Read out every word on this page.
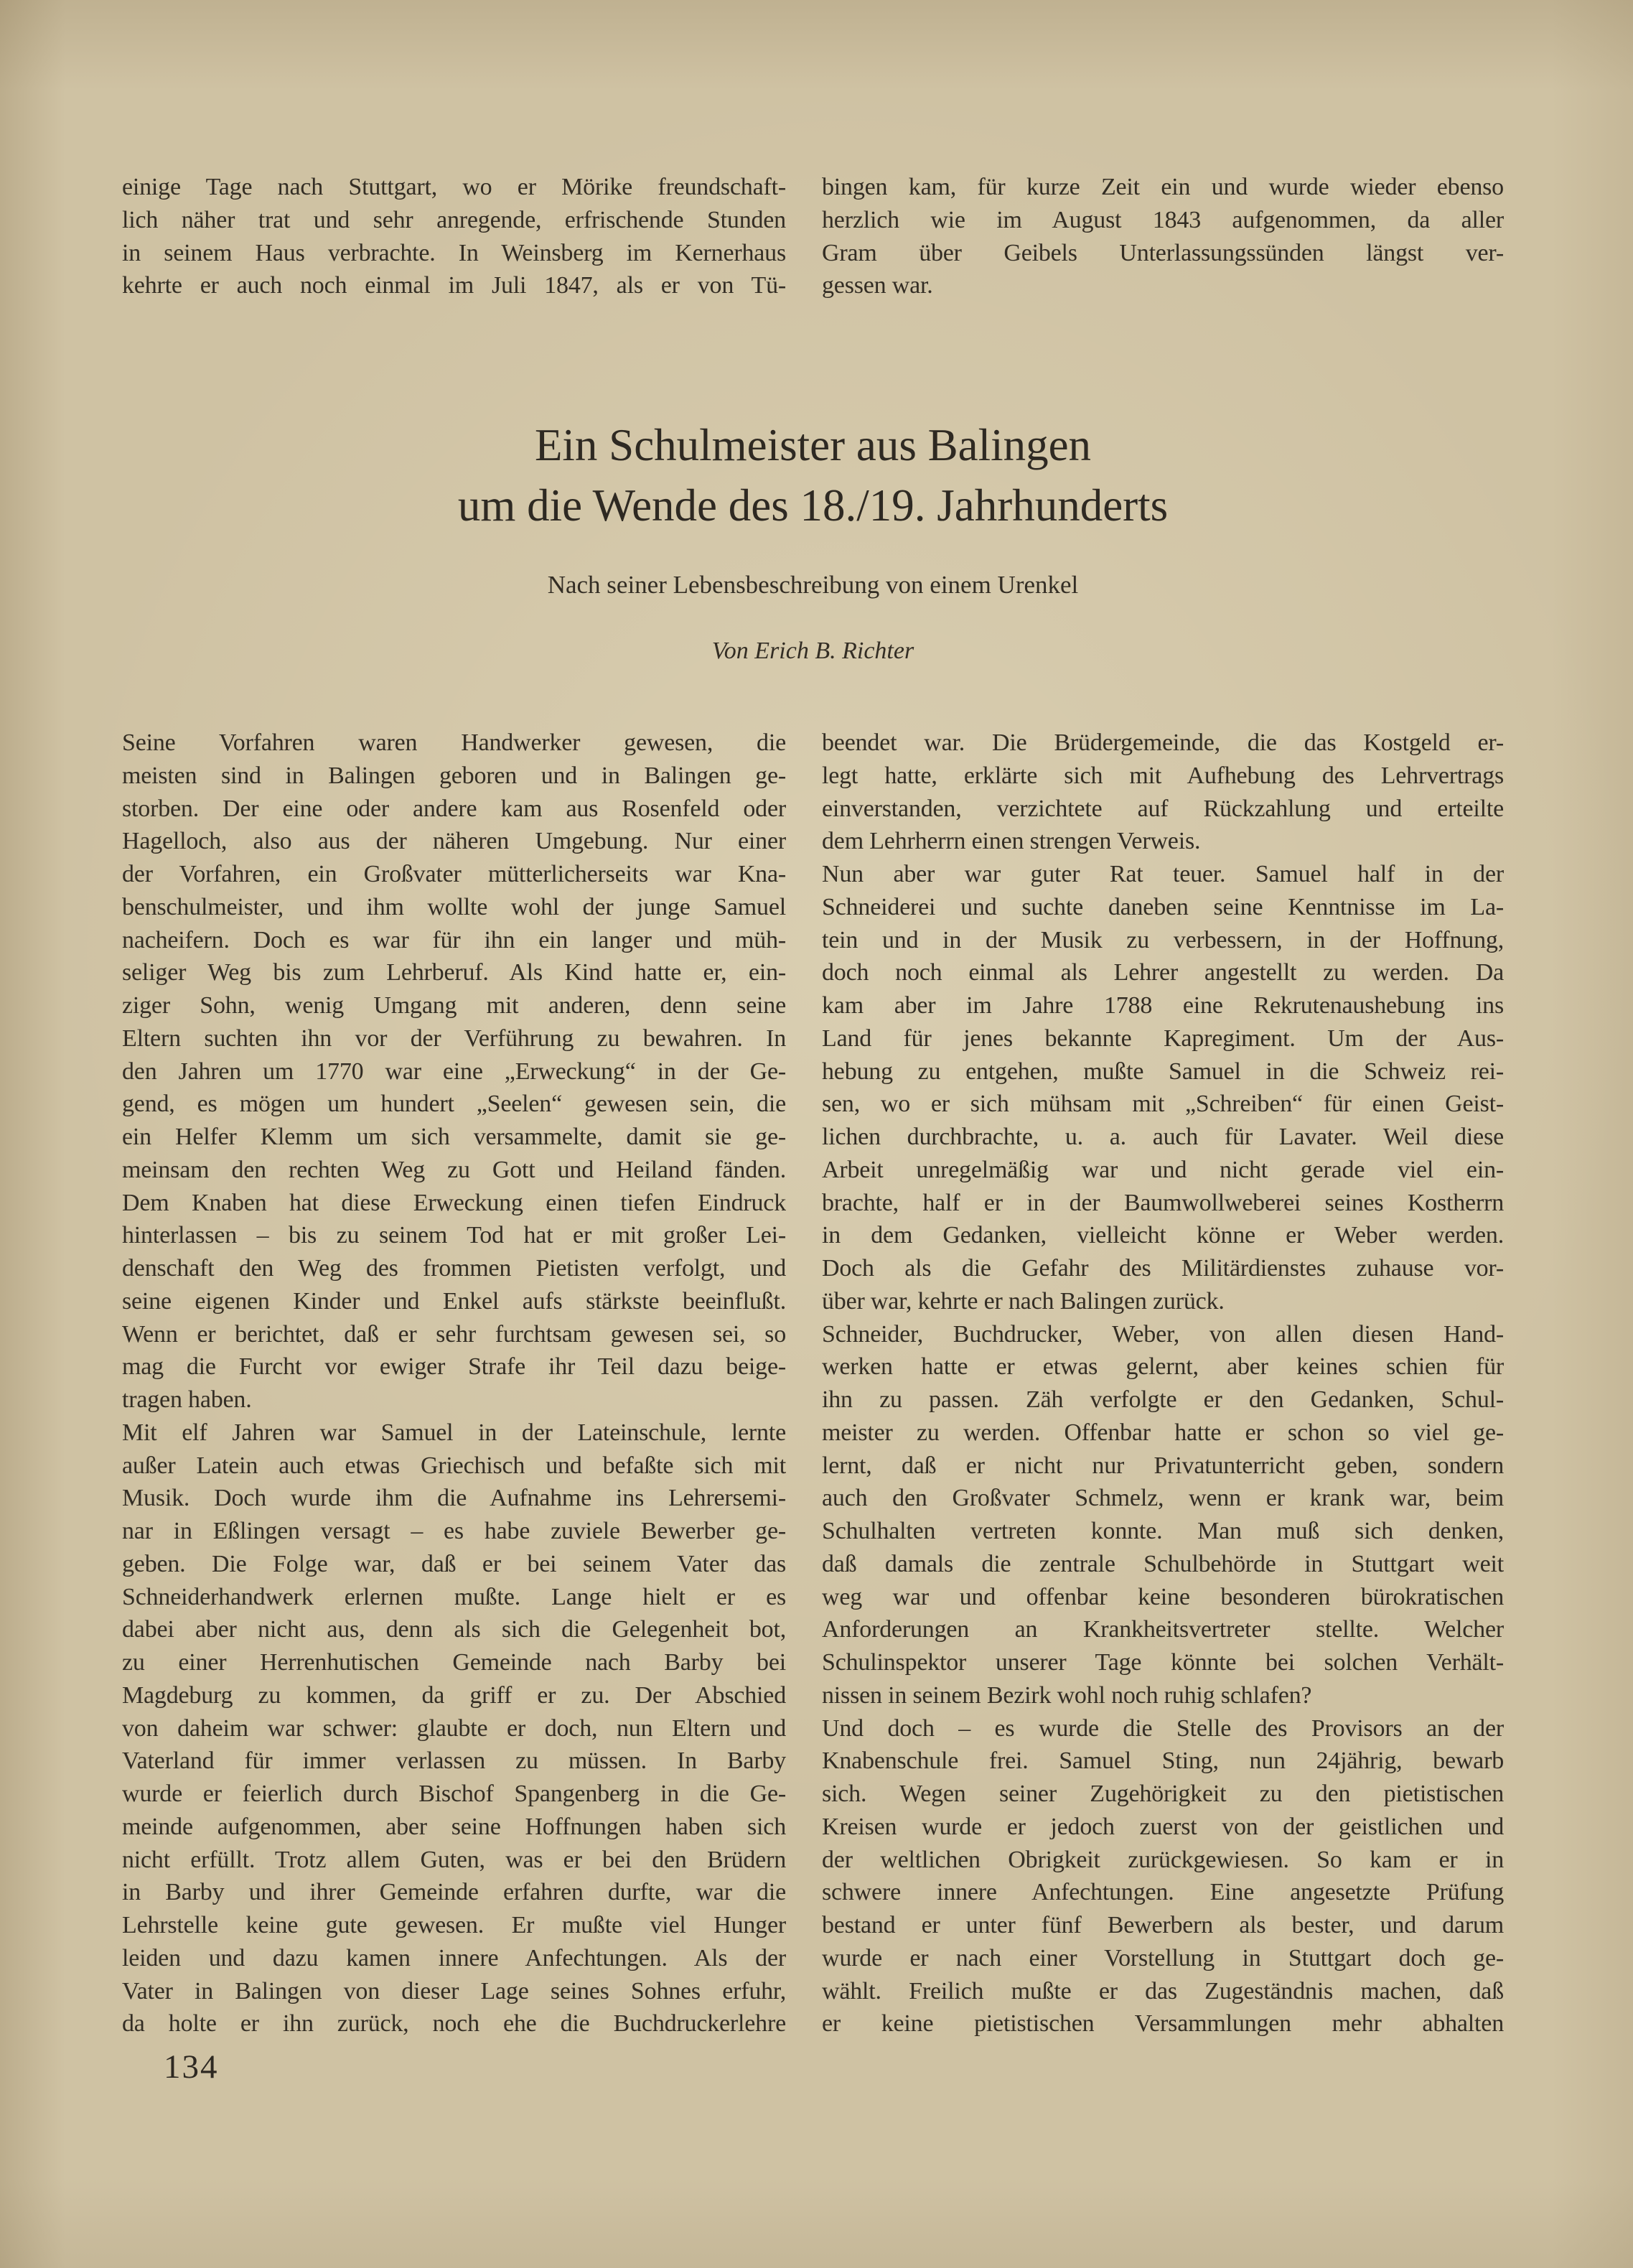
einige Tage nach Stuttgart, wo er Mörike freundschaft-
lich näher trat und sehr anregende, erfrischende Stunden
in seinem Haus verbrachte. In Weinsberg im Kernerhaus
kehrte er auch noch einmal im Juli 1847, als er von Tü-
bingen kam, für kurze Zeit ein und wurde wieder ebenso
herzlich wie im August 1843 aufgenommen, da aller
Gram über Geibels Unterlassungssünden längst ver-
gessen war.
Ein Schulmeister aus Balingen
um die Wende des 18./19. Jahrhunderts
Nach seiner Lebensbeschreibung von einem Urenkel
Von Erich B. Richter
Seine Vorfahren waren Handwerker gewesen, die
meisten sind in Balingen geboren und in Balingen ge-
storben. Der eine oder andere kam aus Rosenfeld oder
Hagelloch, also aus der näheren Umgebung. Nur einer
der Vorfahren, ein Großvater mütterlicherseits war Kna-
benschulmeister, und ihm wollte wohl der junge Samuel
nacheifern. Doch es war für ihn ein langer und müh-
seliger Weg bis zum Lehrberuf. Als Kind hatte er, ein-
ziger Sohn, wenig Umgang mit anderen, denn seine
Eltern suchten ihn vor der Verführung zu bewahren. In
den Jahren um 1770 war eine „Erweckung“ in der Ge-
gend, es mögen um hundert „Seelen“ gewesen sein, die
ein Helfer Klemm um sich versammelte, damit sie ge-
meinsam den rechten Weg zu Gott und Heiland fänden.
Dem Knaben hat diese Erweckung einen tiefen Eindruck
hinterlassen – bis zu seinem Tod hat er mit großer Lei-
denschaft den Weg des frommen Pietisten verfolgt, und
seine eigenen Kinder und Enkel aufs stärkste beeinflußt.
Wenn er berichtet, daß er sehr furchtsam gewesen sei, so
mag die Furcht vor ewiger Strafe ihr Teil dazu beige-
tragen haben.
Mit elf Jahren war Samuel in der Lateinschule, lernte
außer Latein auch etwas Griechisch und befaßte sich mit
Musik. Doch wurde ihm die Aufnahme ins Lehrersemi-
nar in Eßlingen versagt – es habe zuviele Bewerber ge-
geben. Die Folge war, daß er bei seinem Vater das
Schneiderhandwerk erlernen mußte. Lange hielt er es
dabei aber nicht aus, denn als sich die Gelegenheit bot,
zu einer Herrenhutischen Gemeinde nach Barby bei
Magdeburg zu kommen, da griff er zu. Der Abschied
von daheim war schwer: glaubte er doch, nun Eltern und
Vaterland für immer verlassen zu müssen. In Barby
wurde er feierlich durch Bischof Spangenberg in die Ge-
meinde aufgenommen, aber seine Hoffnungen haben sich
nicht erfüllt. Trotz allem Guten, was er bei den Brüdern
in Barby und ihrer Gemeinde erfahren durfte, war die
Lehrstelle keine gute gewesen. Er mußte viel Hunger
leiden und dazu kamen innere Anfechtungen. Als der
Vater in Balingen von dieser Lage seines Sohnes erfuhr,
da holte er ihn zurück, noch ehe die Buchdruckerlehre
beendet war. Die Brüdergemeinde, die das Kostgeld er-
legt hatte, erklärte sich mit Aufhebung des Lehrvertrags
einverstanden, verzichtete auf Rückzahlung und erteilte
dem Lehrherrn einen strengen Verweis.
Nun aber war guter Rat teuer. Samuel half in der
Schneiderei und suchte daneben seine Kenntnisse im La-
tein und in der Musik zu verbessern, in der Hoffnung,
doch noch einmal als Lehrer angestellt zu werden. Da
kam aber im Jahre 1788 eine Rekrutenaushebung ins
Land für jenes bekannte Kapregiment. Um der Aus-
hebung zu entgehen, mußte Samuel in die Schweiz rei-
sen, wo er sich mühsam mit „Schreiben“ für einen Geist-
lichen durchbrachte, u. a. auch für Lavater. Weil diese
Arbeit unregelmäßig war und nicht gerade viel ein-
brachte, half er in der Baumwollweberei seines Kostherrn
in dem Gedanken, vielleicht könne er Weber werden.
Doch als die Gefahr des Militärdienstes zuhause vor-
über war, kehrte er nach Balingen zurück.
Schneider, Buchdrucker, Weber, von allen diesen Hand-
werken hatte er etwas gelernt, aber keines schien für
ihn zu passen. Zäh verfolgte er den Gedanken, Schul-
meister zu werden. Offenbar hatte er schon so viel ge-
lernt, daß er nicht nur Privatunterricht geben, sondern
auch den Großvater Schmelz, wenn er krank war, beim
Schulhalten vertreten konnte. Man muß sich denken,
daß damals die zentrale Schulbehörde in Stuttgart weit
weg war und offenbar keine besonderen bürokratischen
Anforderungen an Krankheitsvertreter stellte. Welcher
Schulinspektor unserer Tage könnte bei solchen Verhält-
nissen in seinem Bezirk wohl noch ruhig schlafen?
Und doch – es wurde die Stelle des Provisors an der
Knabenschule frei. Samuel Sting, nun 24jährig, bewarb
sich. Wegen seiner Zugehörigkeit zu den pietistischen
Kreisen wurde er jedoch zuerst von der geistlichen und
der weltlichen Obrigkeit zurückgewiesen. So kam er in
schwere innere Anfechtungen. Eine angesetzte Prüfung
bestand er unter fünf Bewerbern als bester, und darum
wurde er nach einer Vorstellung in Stuttgart doch ge-
wählt. Freilich mußte er das Zugeständnis machen, daß
er keine pietistischen Versammlungen mehr abhalten
134
